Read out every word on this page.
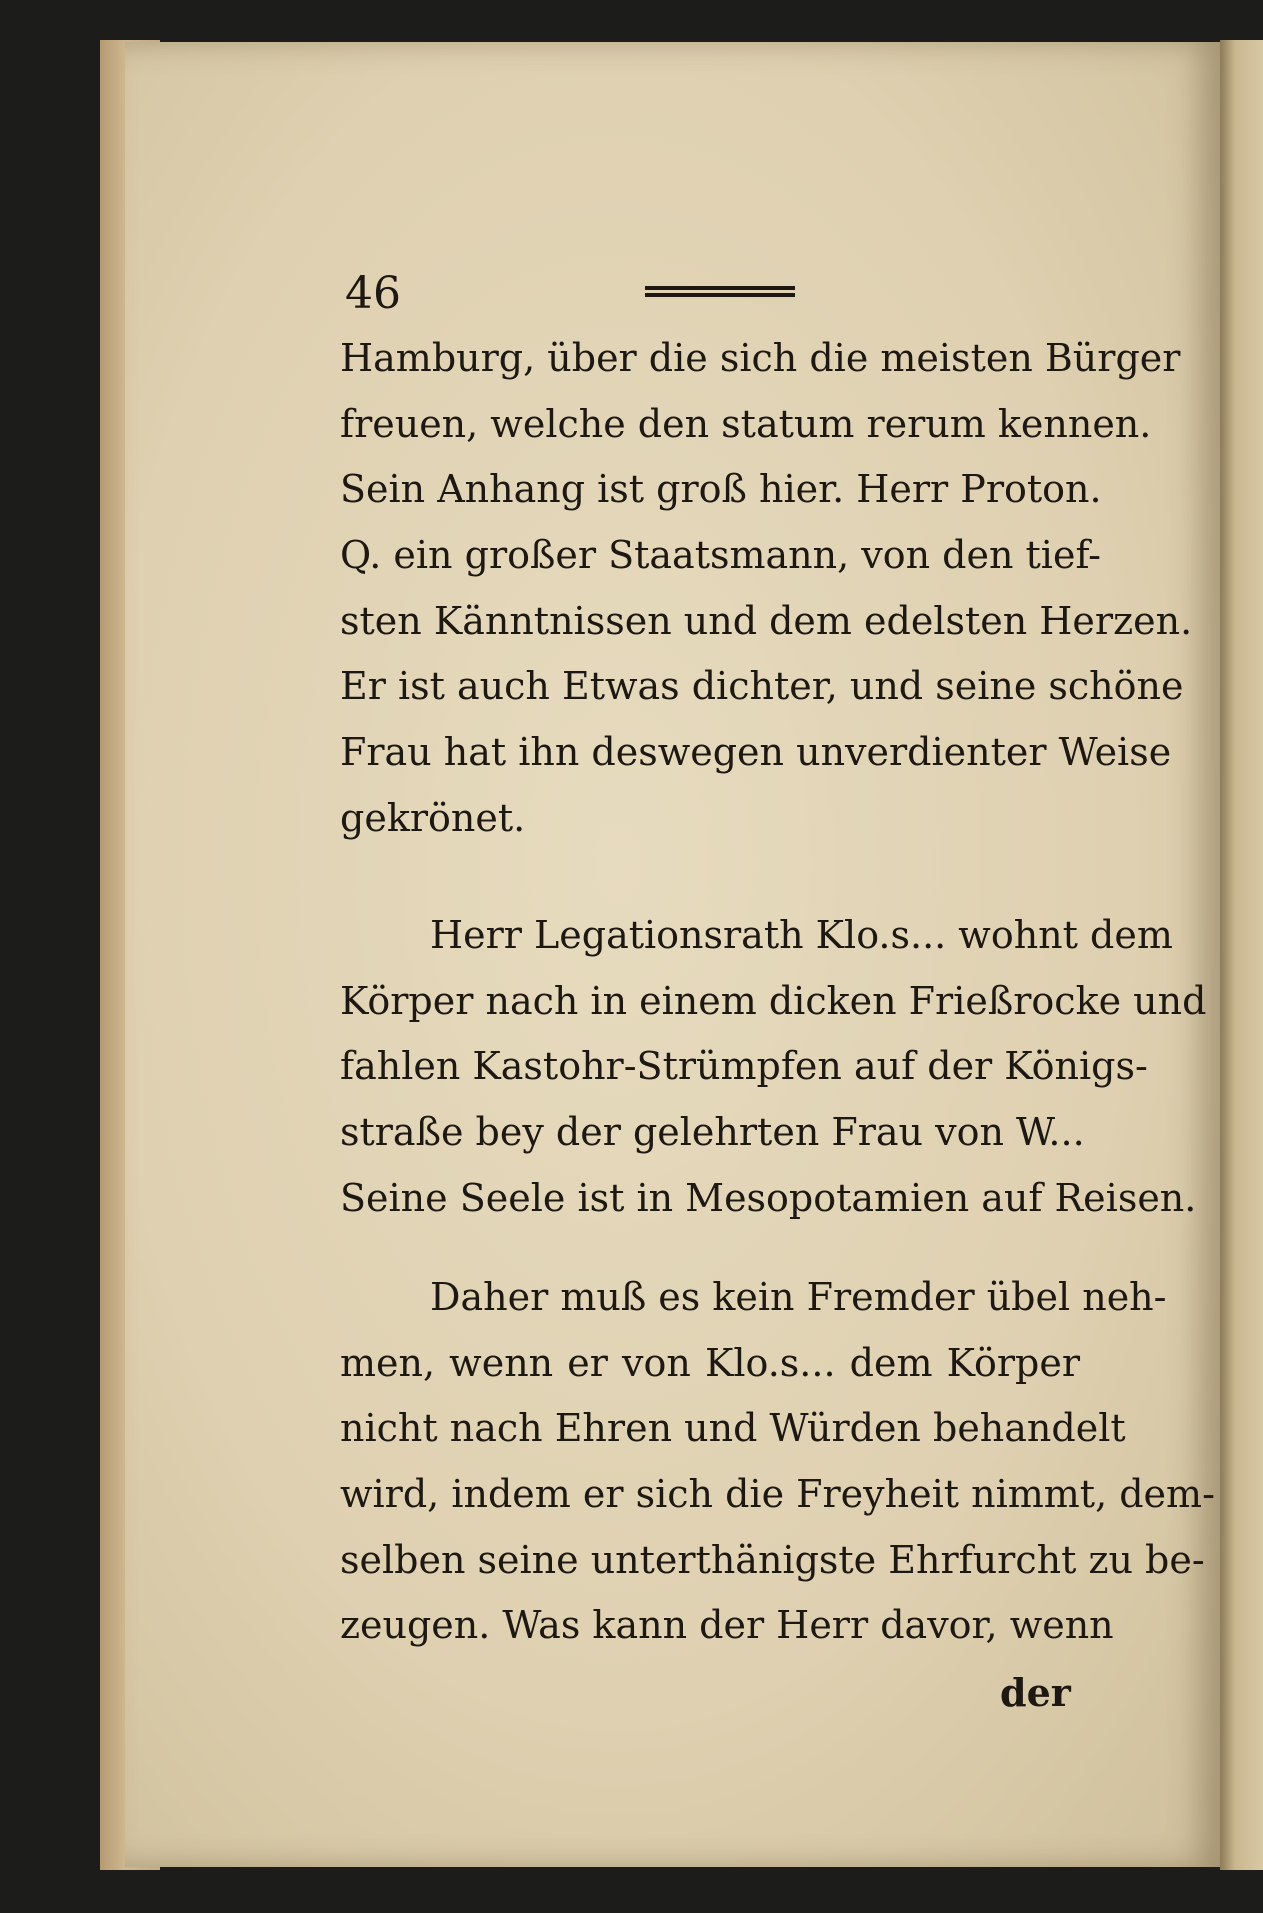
46
Hamburg, über die sich die meisten Bürger
freuen, welche den statum rerum kennen.
Sein Anhang ist groß hier. Herr Proton.
Q. ein großer Staatsmann, von den tief-
sten Känntnissen und dem edelsten Herzen.
Er ist auch Etwas dichter, und seine schöne
Frau hat ihn deswegen unverdienter Weise
gekrönet.
Herr Legationsrath Klo.s... wohnt dem
Körper nach in einem dicken Frießrocke und
fahlen Kastohr-Strümpfen auf der Königs-
straße bey der gelehrten Frau von W...
Seine Seele ist in Mesopotamien auf Reisen.
Daher muß es kein Fremder übel neh-
men, wenn er von Klo.s... dem Körper
nicht nach Ehren und Würden behandelt
wird, indem er sich die Freyheit nimmt, dem-
selben seine unterthänigste Ehrfurcht zu be-
zeugen. Was kann der Herr davor, wenn
der
